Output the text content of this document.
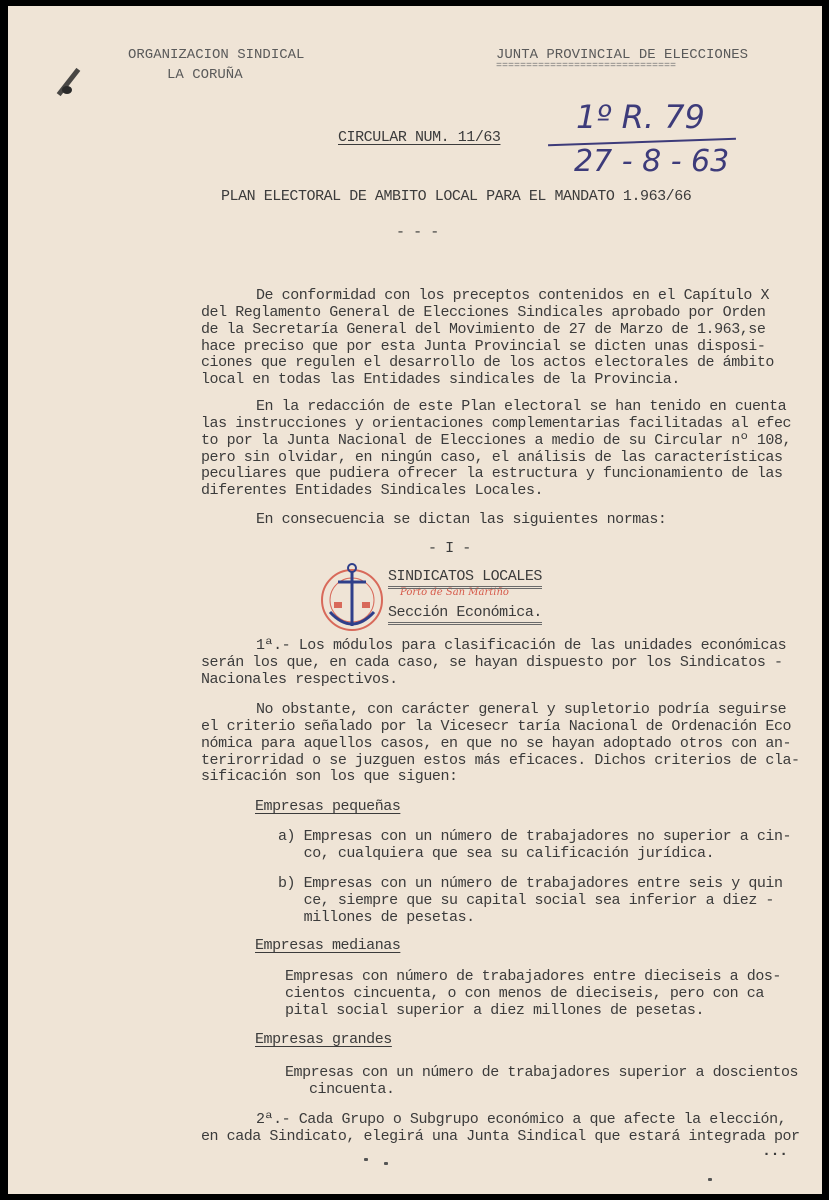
ORGANIZACION SINDICAL
LA CORUÑA
JUNTA PROVINCIAL DE ELECCIONES
==============================
1º R. 79
27 - 8 - 63
CIRCULAR NUM. 11/63
PLAN ELECTORAL DE AMBITO LOCAL PARA EL MANDATO 1.963/66
- - -
De conformidad con los preceptos contenidos en el Capítulo X
del Reglamento General de Elecciones Sindicales aprobado por Orden
de la Secretaría General del Movimiento de 27 de Marzo de 1.963,se
hace preciso que por esta Junta Provincial se dicten unas disposi-
ciones que regulen el desarrollo de los actos electorales de ámbito
local en todas las Entidades sindicales de la Provincia.
En la redacción de este Plan electoral se han tenido en cuenta
las instrucciones y orientaciones complementarias facilitadas al efec
to por la Junta Nacional de Elecciones a medio de su Circular nº 108,
pero sin olvidar, en ningún caso, el análisis de las características
peculiares que pudiera ofrecer la estructura y funcionamiento de las
diferentes Entidades Sindicales Locales.
En consecuencia se dictan las siguientes normas:
- I -
Porto de San Martiño
SINDICATOS LOCALES
Sección Económica.
1ª.- Los módulos para clasificación de las unidades económicas
serán los que, en cada caso, se hayan dispuesto por los Sindicatos -
Nacionales respectivos.
No obstante, con carácter general y supletorio podría seguirse
el criterio señalado por la Vicesecr taría Nacional de Ordenación Eco
nómica para aquellos casos, en que no se hayan adoptado otros con an-
terirorridad o se juzguen estos más eficaces. Dichos criterios de cla-
sificación son los que siguen:
Empresas pequeñas
a) Empresas con un número de trabajadores no superior a cin-
co, cualquiera que sea su calificación jurídica.
b) Empresas con un número de trabajadores entre seis y quin
ce, siempre que su capital social sea inferior a diez -
millones de pesetas.
Empresas medianas
Empresas con número de trabajadores entre dieciseis a dos-
cientos cincuenta, o con menos de dieciseis, pero con ca
pital social superior a diez millones de pesetas.
Empresas grandes
Empresas con un número de trabajadores superior a doscientos
cincuenta.
2ª.- Cada Grupo o Subgrupo económico a que afecte la elección,
en cada Sindicato, elegirá una Junta Sindical que estará integrada por
...
